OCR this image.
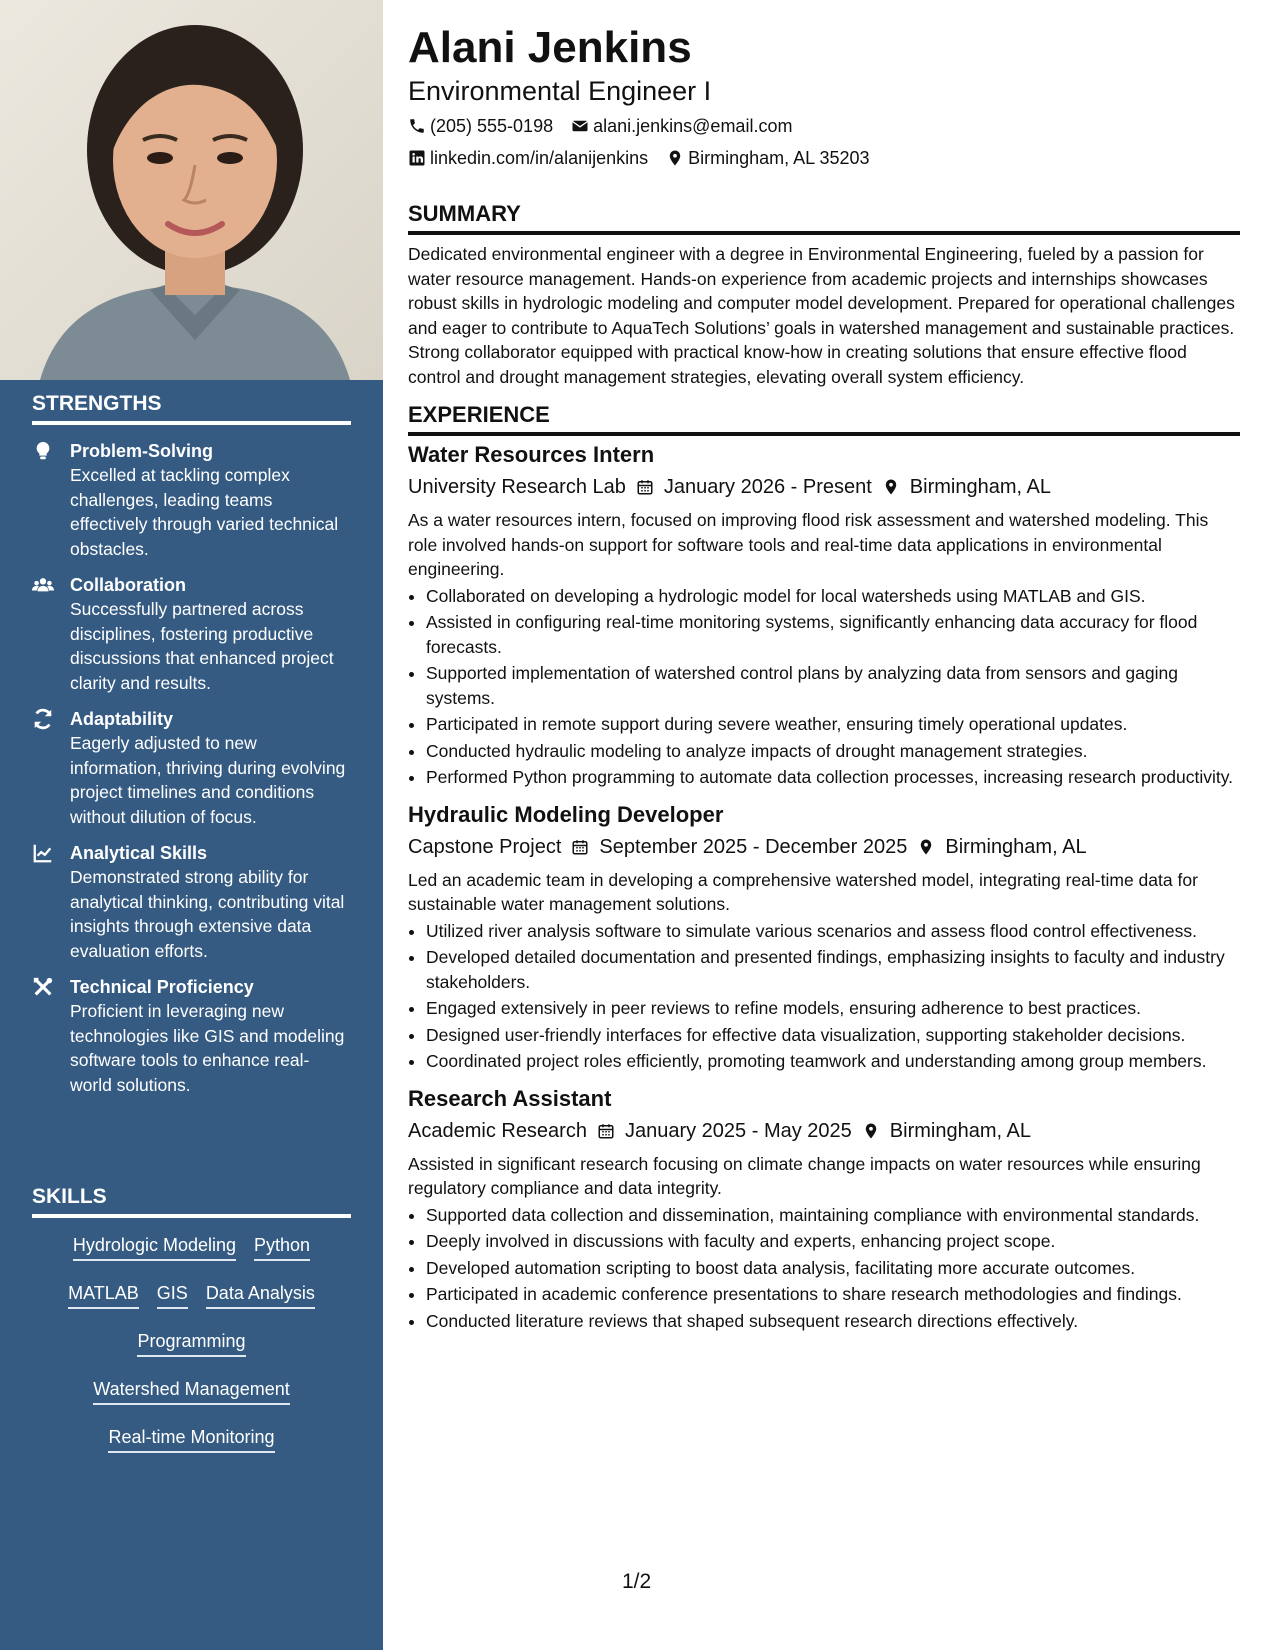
STRENGTHS
Problem-Solving
Excelled at tackling complex challenges, leading teams effectively through varied technical obstacles.
Collaboration
Successfully partnered across disciplines, fostering productive discussions that enhanced project clarity and results.
Adaptability
Eagerly adjusted to new information, thriving during evolving project timelines and conditions without dilution of focus.
Analytical Skills
Demonstrated strong ability for analytical thinking, contributing vital insights through extensive data evaluation efforts.
Technical Proficiency
Proficient in leveraging new technologies like GIS and modeling software tools to enhance real-world solutions.
SKILLS
Hydrologic Modeling Python
MATLAB GIS Data Analysis
Programming
Watershed Management
Real-time Monitoring
Alani Jenkins
Environmental Engineer I
(205) 555-0198 alani.jenkins@email.com
linkedin.com/in/alanijenkins Birmingham, AL 35203
SUMMARY
Dedicated environmental engineer with a degree in Environmental Engineering, fueled by a passion for water resource management. Hands-on experience from academic projects and internships showcases robust skills in hydrologic modeling and computer model development. Prepared for operational challenges and eager to contribute to AquaTech Solutions’ goals in watershed management and sustainable practices. Strong collaborator equipped with practical know-how in creating solutions that ensure effective flood control and drought management strategies, elevating overall system efficiency.
EXPERIENCE
Water Resources Intern
University Research Lab January 2026 - Present Birmingham, AL
As a water resources intern, focused on improving flood risk assessment and watershed modeling. This role involved hands-on support for software tools and real-time data applications in environmental engineering.
• Collaborated on developing a hydrologic model for local watersheds using MATLAB and GIS.
• Assisted in configuring real-time monitoring systems, significantly enhancing data accuracy for flood forecasts.
• Supported implementation of watershed control plans by analyzing data from sensors and gaging systems.
• Participated in remote support during severe weather, ensuring timely operational updates.
• Conducted hydraulic modeling to analyze impacts of drought management strategies.
• Performed Python programming to automate data collection processes, increasing research productivity.
Hydraulic Modeling Developer
Capstone Project September 2025 - December 2025 Birmingham, AL
Led an academic team in developing a comprehensive watershed model, integrating real-time data for sustainable water management solutions.
• Utilized river analysis software to simulate various scenarios and assess flood control effectiveness.
• Developed detailed documentation and presented findings, emphasizing insights to faculty and industry stakeholders.
• Engaged extensively in peer reviews to refine models, ensuring adherence to best practices.
• Designed user-friendly interfaces for effective data visualization, supporting stakeholder decisions.
• Coordinated project roles efficiently, promoting teamwork and understanding among group members.
Research Assistant
Academic Research January 2025 - May 2025 Birmingham, AL
Assisted in significant research focusing on climate change impacts on water resources while ensuring regulatory compliance and data integrity.
• Supported data collection and dissemination, maintaining compliance with environmental standards.
• Deeply involved in discussions with faculty and experts, enhancing project scope.
• Developed automation scripting to boost data analysis, facilitating more accurate outcomes.
• Participated in academic conference presentations to share research methodologies and findings.
• Conducted literature reviews that shaped subsequent research directions effectively.
1/2
